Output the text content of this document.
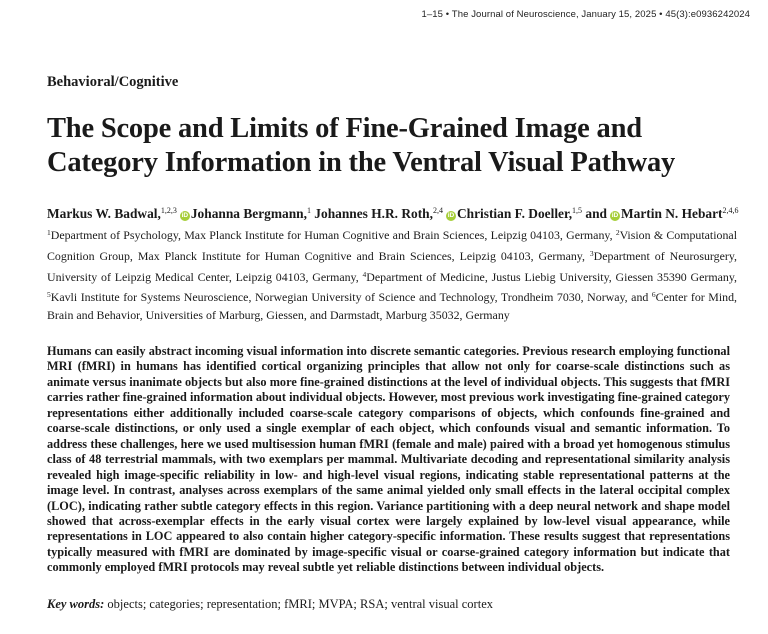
1–15 • The Journal of Neuroscience, January 15, 2025 • 45(3):e0936242024
Behavioral/Cognitive
The Scope and Limits of Fine-Grained Image and Category Information in the Ventral Visual Pathway
Markus W. Badwal,$^{1,2,3}$iD Johanna Bergmann,$^1$ Johannes H.R. Roth,$^{2,4}$iD Christian F. Doeller,$^{1,5}$ and iD Martin N. Hebart$^{2,4,6}$
$^1$Department of Psychology, Max Planck Institute for Human Cognitive and Brain Sciences, Leipzig 04103, Germany, $^2$Vision & Computational Cognition Group, Max Planck Institute for Human Cognitive and Brain Sciences, Leipzig 04103, Germany, $^3$Department of Neurosurgery, University of Leipzig Medical Center, Leipzig 04103, Germany, $^4$Department of Medicine, Justus Liebig University, Giessen 35390 Germany, $^5$Kavli Institute for Systems Neuroscience, Norwegian University of Science and Technology, Trondheim 7030, Norway, and $^6$Center for Mind, Brain and Behavior, Universities of Marburg, Giessen, and Darmstadt, Marburg 35032, Germany

Humans can easily abstract incoming visual information into discrete semantic categories. Previous research employing functional MRI (fMRI) in humans has identified cortical organizing principles that allow not only for coarse-scale distinctions such as animate versus inanimate objects but also more fine-grained distinctions at the level of individual objects. This suggests that fMRI carries rather fine-grained information about individual objects. However, most previous work investigating fine-grained category representations either additionally included coarse-scale category comparisons of objects, which confounds fine-grained and coarse-scale distinctions, or only used a single exemplar of each object, which confounds visual and semantic information. To address these challenges, here we used multisession human fMRI (female and male) paired with a broad yet homogenous stimulus class of 48 terrestrial mammals, with two exemplars per mammal. Multivariate decoding and representational similarity analysis revealed high image-specific reliability in low- and high-level visual regions, indicating stable representational patterns at the image level. In contrast, analyses across exemplars of the same animal yielded only small effects in the lateral occipital complex (LOC), indicating rather subtle category effects in this region. Variance partitioning with a deep neural network and shape model showed that across-exemplar effects in the early visual cortex were largely explained by low-level visual appearance, while representations in LOC appeared to also contain higher category-specific information. These results suggest that representations typically measured with fMRI are dominated by image-specific visual or coarse-grained category information but indicate that commonly employed fMRI protocols may reveal subtle yet reliable distinctions between individual objects.

Key words: objects; categories; representation; fMRI; MVPA; RSA; ventral visual cortex
